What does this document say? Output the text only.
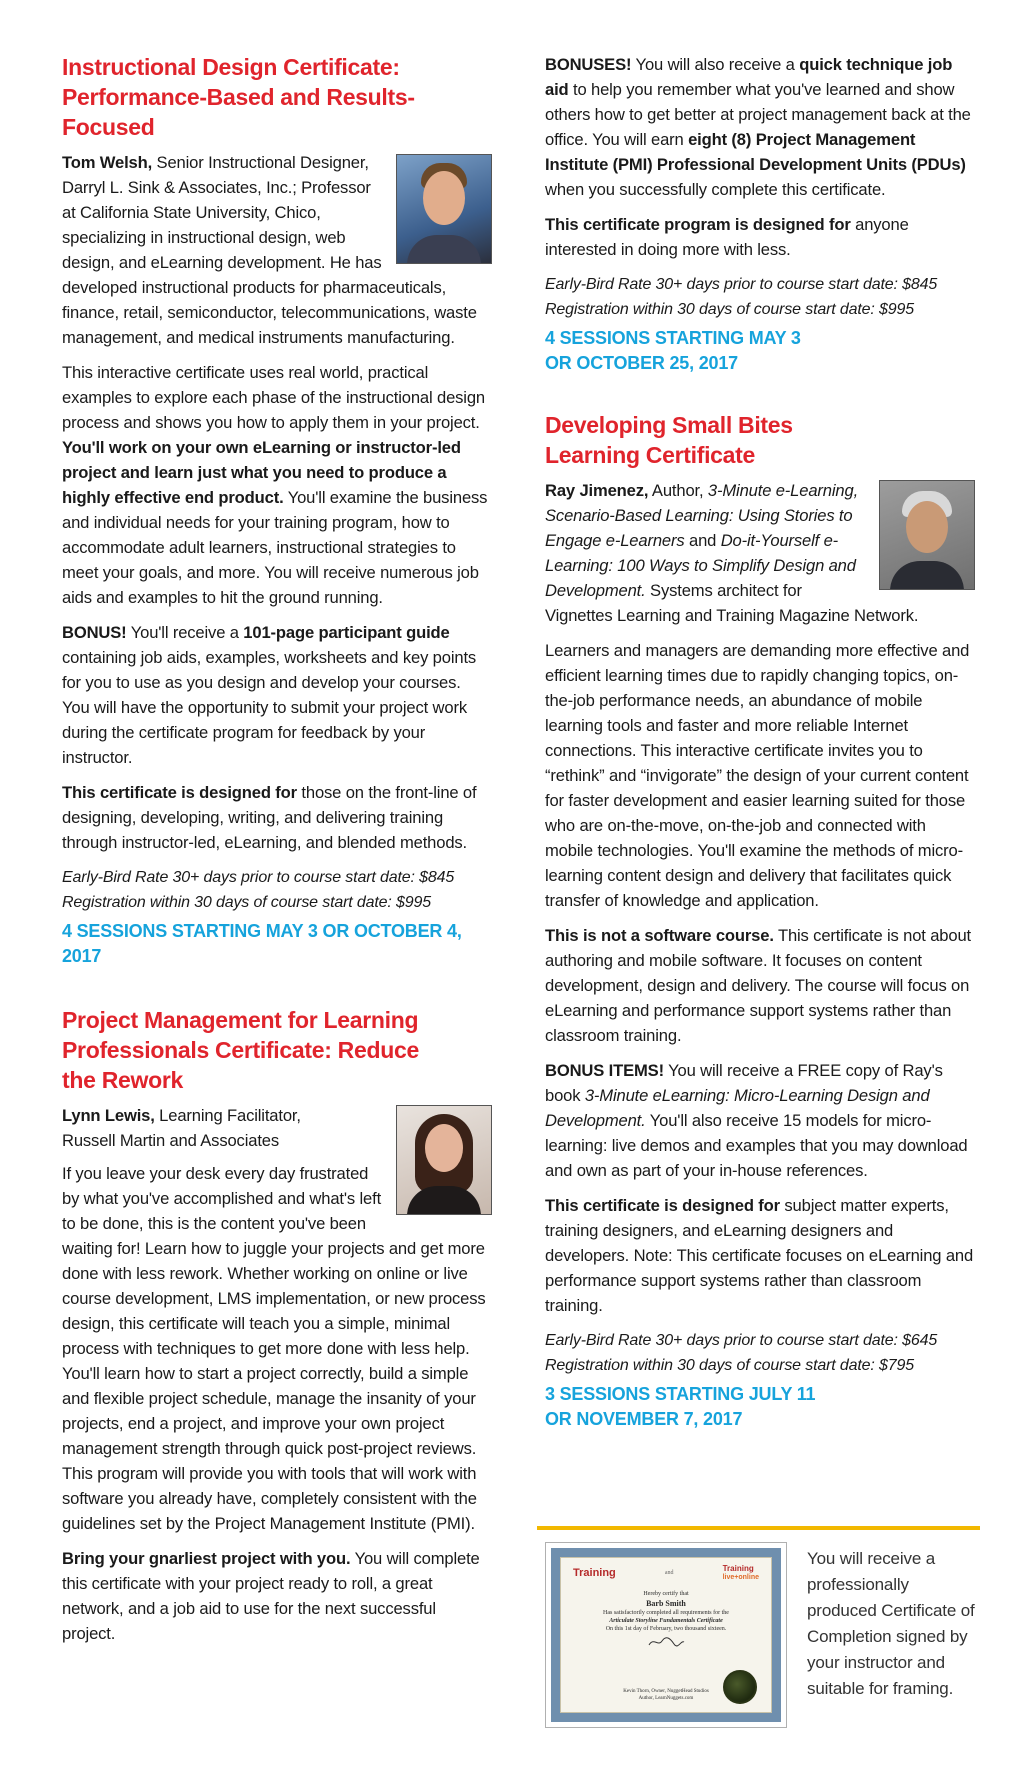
Instructional Design Certificate: Performance-Based and Results-Focused

Tom Welsh, Senior Instructional Designer, Darryl L. Sink & Associates, Inc.; Professor at California State University, Chico, specializing in instructional design, web design, and eLearning development. He has developed instructional products for pharmaceuticals, finance, retail, semiconductor, telecommunications, waste management, and medical instruments manufacturing.

This interactive certificate uses real world, practical examples to explore each phase of the instructional design process and shows you how to apply them in your project. You'll work on your own eLearning or instructor-led project and learn just what you need to produce a highly effective end product. You'll examine the business and individual needs for your training program, how to accommodate adult learners, instructional strategies to meet your goals, and more. You will receive numerous job aids and examples to hit the ground running.

BONUS! You'll receive a 101-page participant guide containing job aids, examples, worksheets and key points for you to use as you design and develop your courses. You will have the opportunity to submit your project work during the certificate program for feedback by your instructor.

This certificate is designed for those on the front-line of designing, developing, writing, and delivering training through instructor-led, eLearning, and blended methods.

Early-Bird Rate 30+ days prior to course start date: $845

Registration within 30 days of course start date: $995

4 SESSIONS STARTING MAY 3 OR OCTOBER 4, 2017

Project Management for Learning
Professionals Certificate: Reduce
the Rework

Lynn Lewis, Learning Facilitator,
Russell Martin and Associates

If you leave your desk every day frustrated by what you've accomplished and what's left to be done, this is the content you've been waiting for! Learn how to juggle your projects and get more done with less rework. Whether working on online or live course development, LMS implementation, or new process design, this certificate will teach you a simple, minimal process with techniques to get more done with less help. You'll learn how to start a project correctly, build a simple and flexible project schedule, manage the insanity of your projects, end a project, and improve your own project management strength through quick post-project reviews. This program will provide you with tools that will work with software you already have, completely consistent with the guidelines set by the Project Management Institute (PMI).

Bring your gnarliest project with you. You will complete this certificate with your project ready to roll, a great network, and a job aid to use for the next successful project.

BONUSES! You will also receive a quick technique job aid to help you remember what you've learned and show others how to get better at project management back at the office. You will earn eight (8) Project Management Institute (PMI) Professional Development Units (PDUs) when you successfully complete this certificate.

This certificate program is designed for anyone interested in doing more with less.

Early-Bird Rate 30+ days prior to course start date: $845

Registration within 30 days of course start date: $995

4 SESSIONS STARTING MAY 3
OR OCTOBER 25, 2017

Developing Small Bites
Learning Certificate

Ray Jimenez, Author, 3-Minute e-Learning, Scenario-Based Learning: Using Stories to Engage e-Learners and Do-it-Yourself e-Learning: 100 Ways to Simplify Design and Development. Systems architect for Vignettes Learning and Training Magazine Network.

Learners and managers are demanding more effective and efficient learning times due to rapidly changing topics, on-the-job performance needs, an abundance of mobile learning tools and faster and more reliable Internet connections. This interactive certificate invites you to “rethink” and “invigorate” the design of your current content for faster development and easier learning suited for those who are on-the-move, on-the-job and connected with mobile technologies. You'll examine the methods of micro-learning content design and delivery that facilitates quick transfer of knowledge and application.

This is not a software course. This certificate is not about authoring and mobile software. It focuses on content development, design and delivery. The course will focus on eLearning and performance support systems rather than classroom training.

BONUS ITEMS! You will receive a FREE copy of Ray's book 3-Minute eLearning: Micro-Learning Design and Development. You'll also receive 15 models for micro-learning: live demos and examples that you may download and own as part of your in-house references.

This certificate is designed for subject matter experts, training designers, and eLearning designers and developers. Note: This certificate focuses on eLearning and performance support systems rather than classroom training.

Early-Bird Rate 30+ days prior to course start date: $645

Registration within 30 days of course start date: $795

3 SESSIONS STARTING JULY 11
OR NOVEMBER 7, 2017

Training	and	Training
live+online
Hereby certify that
Barb Smith
Has satisfactorily completed all requirements for the
Articulate Storyline Fundamentals Certificate
On this 1st day of February, two thousand sixteen.
Kevin Thorn, Owner, NuggetHead Studios
Author, LearnNuggets.com

You will receive a professionally produced Certificate of Completion signed by your instructor and suitable for framing.
